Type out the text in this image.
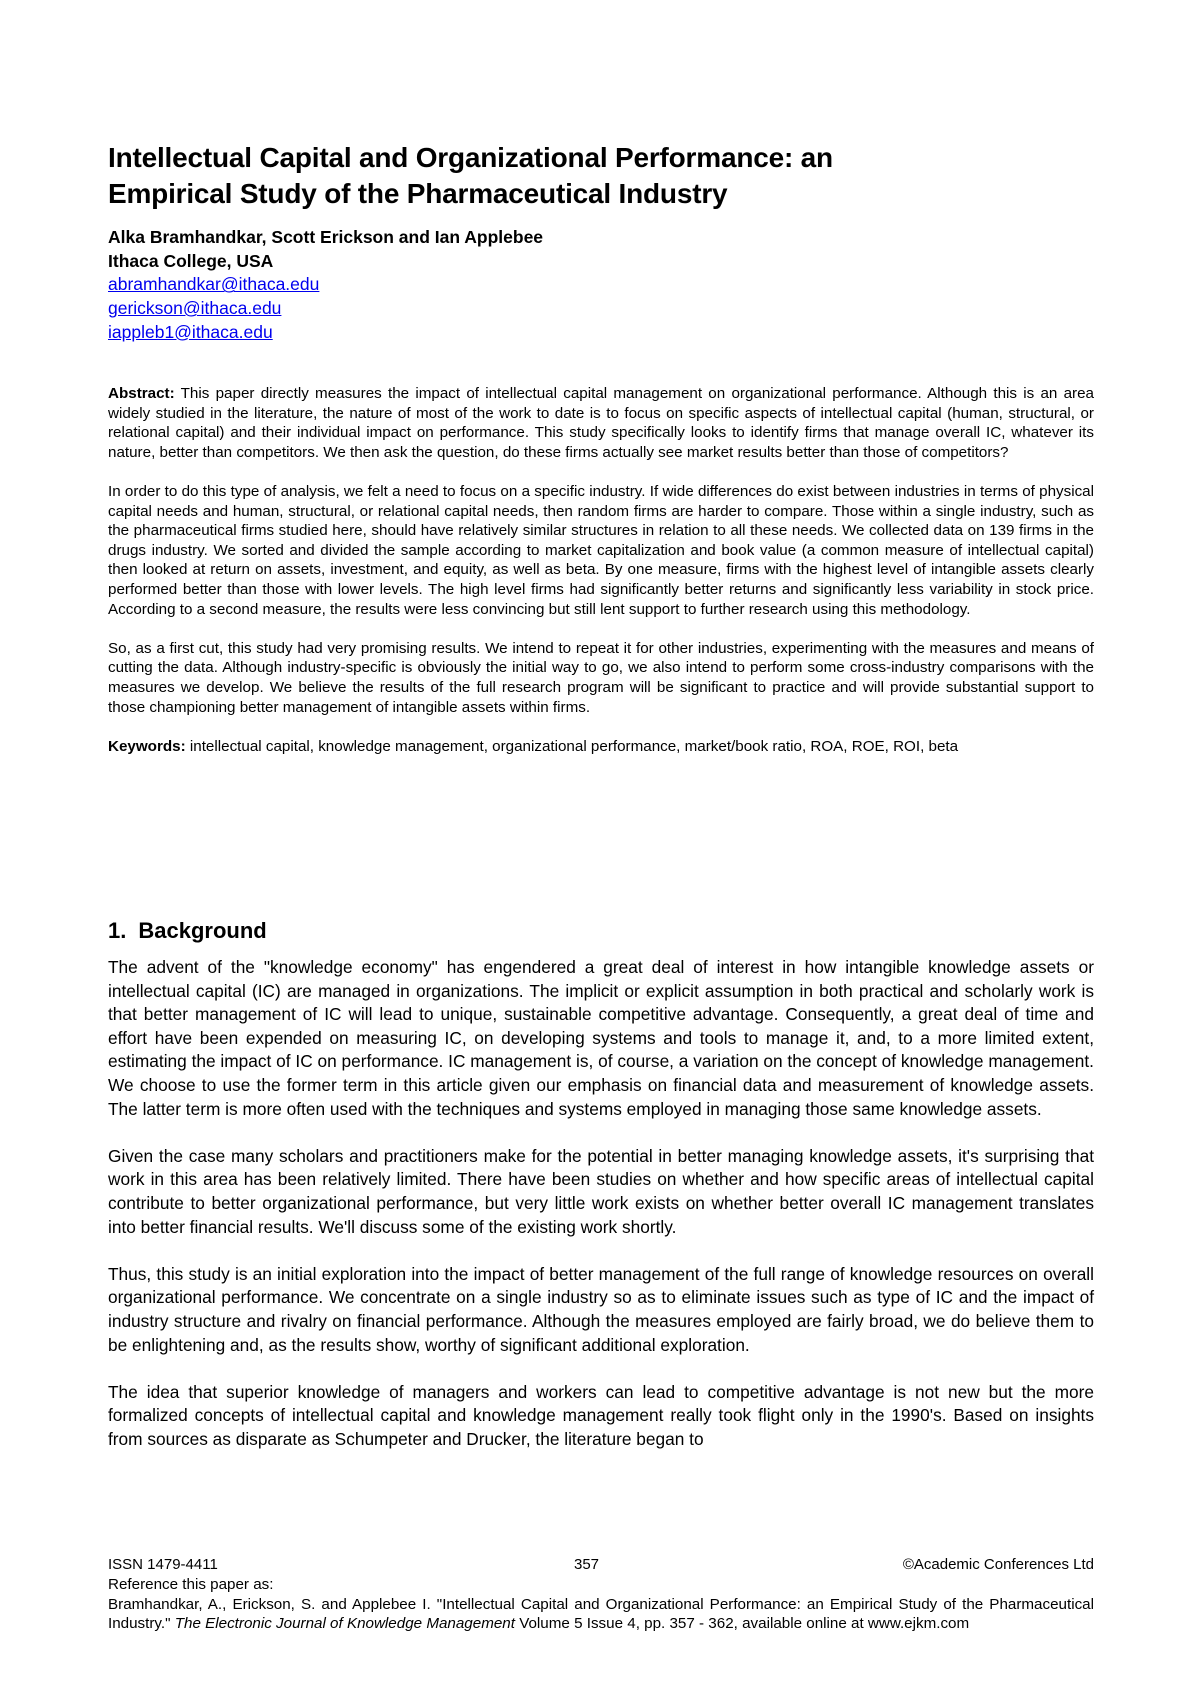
Intellectual Capital and Organizational Performance: an
Empirical Study of the Pharmaceutical Industry
Alka Bramhandkar, Scott Erickson and Ian Applebee
Ithaca College, USA
abramhandkar@ithaca.edu
gerickson@ithaca.edu
iappleb1@ithaca.edu

Abstract: This paper directly measures the impact of intellectual capital management on organizational performance. Although this is an area widely studied in the literature, the nature of most of the work to date is to focus on specific aspects of intellectual capital (human, structural, or relational capital) and their individual impact on performance. This study specifically looks to identify firms that manage overall IC, whatever its nature, better than competitors. We then ask the question, do these firms actually see market results better than those of competitors?

In order to do this type of analysis, we felt a need to focus on a specific industry. If wide differences do exist between industries in terms of physical capital needs and human, structural, or relational capital needs, then random firms are harder to compare. Those within a single industry, such as the pharmaceutical firms studied here, should have relatively similar structures in relation to all these needs. We collected data on 139 firms in the drugs industry. We sorted and divided the sample according to market capitalization and book value (a common measure of intellectual capital) then looked at return on assets, investment, and equity, as well as beta. By one measure, firms with the highest level of intangible assets clearly performed better than those with lower levels. The high level firms had significantly better returns and significantly less variability in stock price. According to a second measure, the results were less convincing but still lent support to further research using this methodology.

So, as a first cut, this study had very promising results. We intend to repeat it for other industries, experimenting with the measures and means of cutting the data. Although industry-specific is obviously the initial way to go, we also intend to perform some cross-industry comparisons with the measures we develop. We believe the results of the full research program will be significant to practice and will provide substantial support to those championing better management of intangible assets within firms.

Keywords: intellectual capital, knowledge management, organizational performance, market/book ratio, ROA, ROE, ROI, beta

1. Background

The advent of the "knowledge economy" has engendered a great deal of interest in how intangible knowledge assets or intellectual capital (IC) are managed in organizations. The implicit or explicit assumption in both practical and scholarly work is that better management of IC will lead to unique, sustainable competitive advantage. Consequently, a great deal of time and effort have been expended on measuring IC, on developing systems and tools to manage it, and, to a more limited extent, estimating the impact of IC on performance. IC management is, of course, a variation on the concept of knowledge management. We choose to use the former term in this article given our emphasis on financial data and measurement of knowledge assets. The latter term is more often used with the techniques and systems employed in managing those same knowledge assets.

Given the case many scholars and practitioners make for the potential in better managing knowledge assets, it's surprising that work in this area has been relatively limited. There have been studies on whether and how specific areas of intellectual capital contribute to better organizational performance, but very little work exists on whether better overall IC management translates into better financial results. We'll discuss some of the existing work shortly.

Thus, this study is an initial exploration into the impact of better management of the full range of knowledge resources on overall organizational performance. We concentrate on a single industry so as to eliminate issues such as type of IC and the impact of industry structure and rivalry on financial performance. Although the measures employed are fairly broad, we do believe them to be enlightening and, as the results show, worthy of significant additional exploration.

The idea that superior knowledge of managers and workers can lead to competitive advantage is not new but the more formalized concepts of intellectual capital and knowledge management really took flight only in the 1990's. Based on insights from sources as disparate as Schumpeter and Drucker, the literature began to

ISSN 1479-4411	357	©Academic Conferences Ltd
Reference this paper as:
Bramhandkar, A., Erickson, S. and Applebee I. "Intellectual Capital and Organizational Performance: an Empirical Study of the Pharmaceutical Industry." The Electronic Journal of Knowledge Management Volume 5 Issue 4, pp. 357 - 362, available online at www.ejkm.com
